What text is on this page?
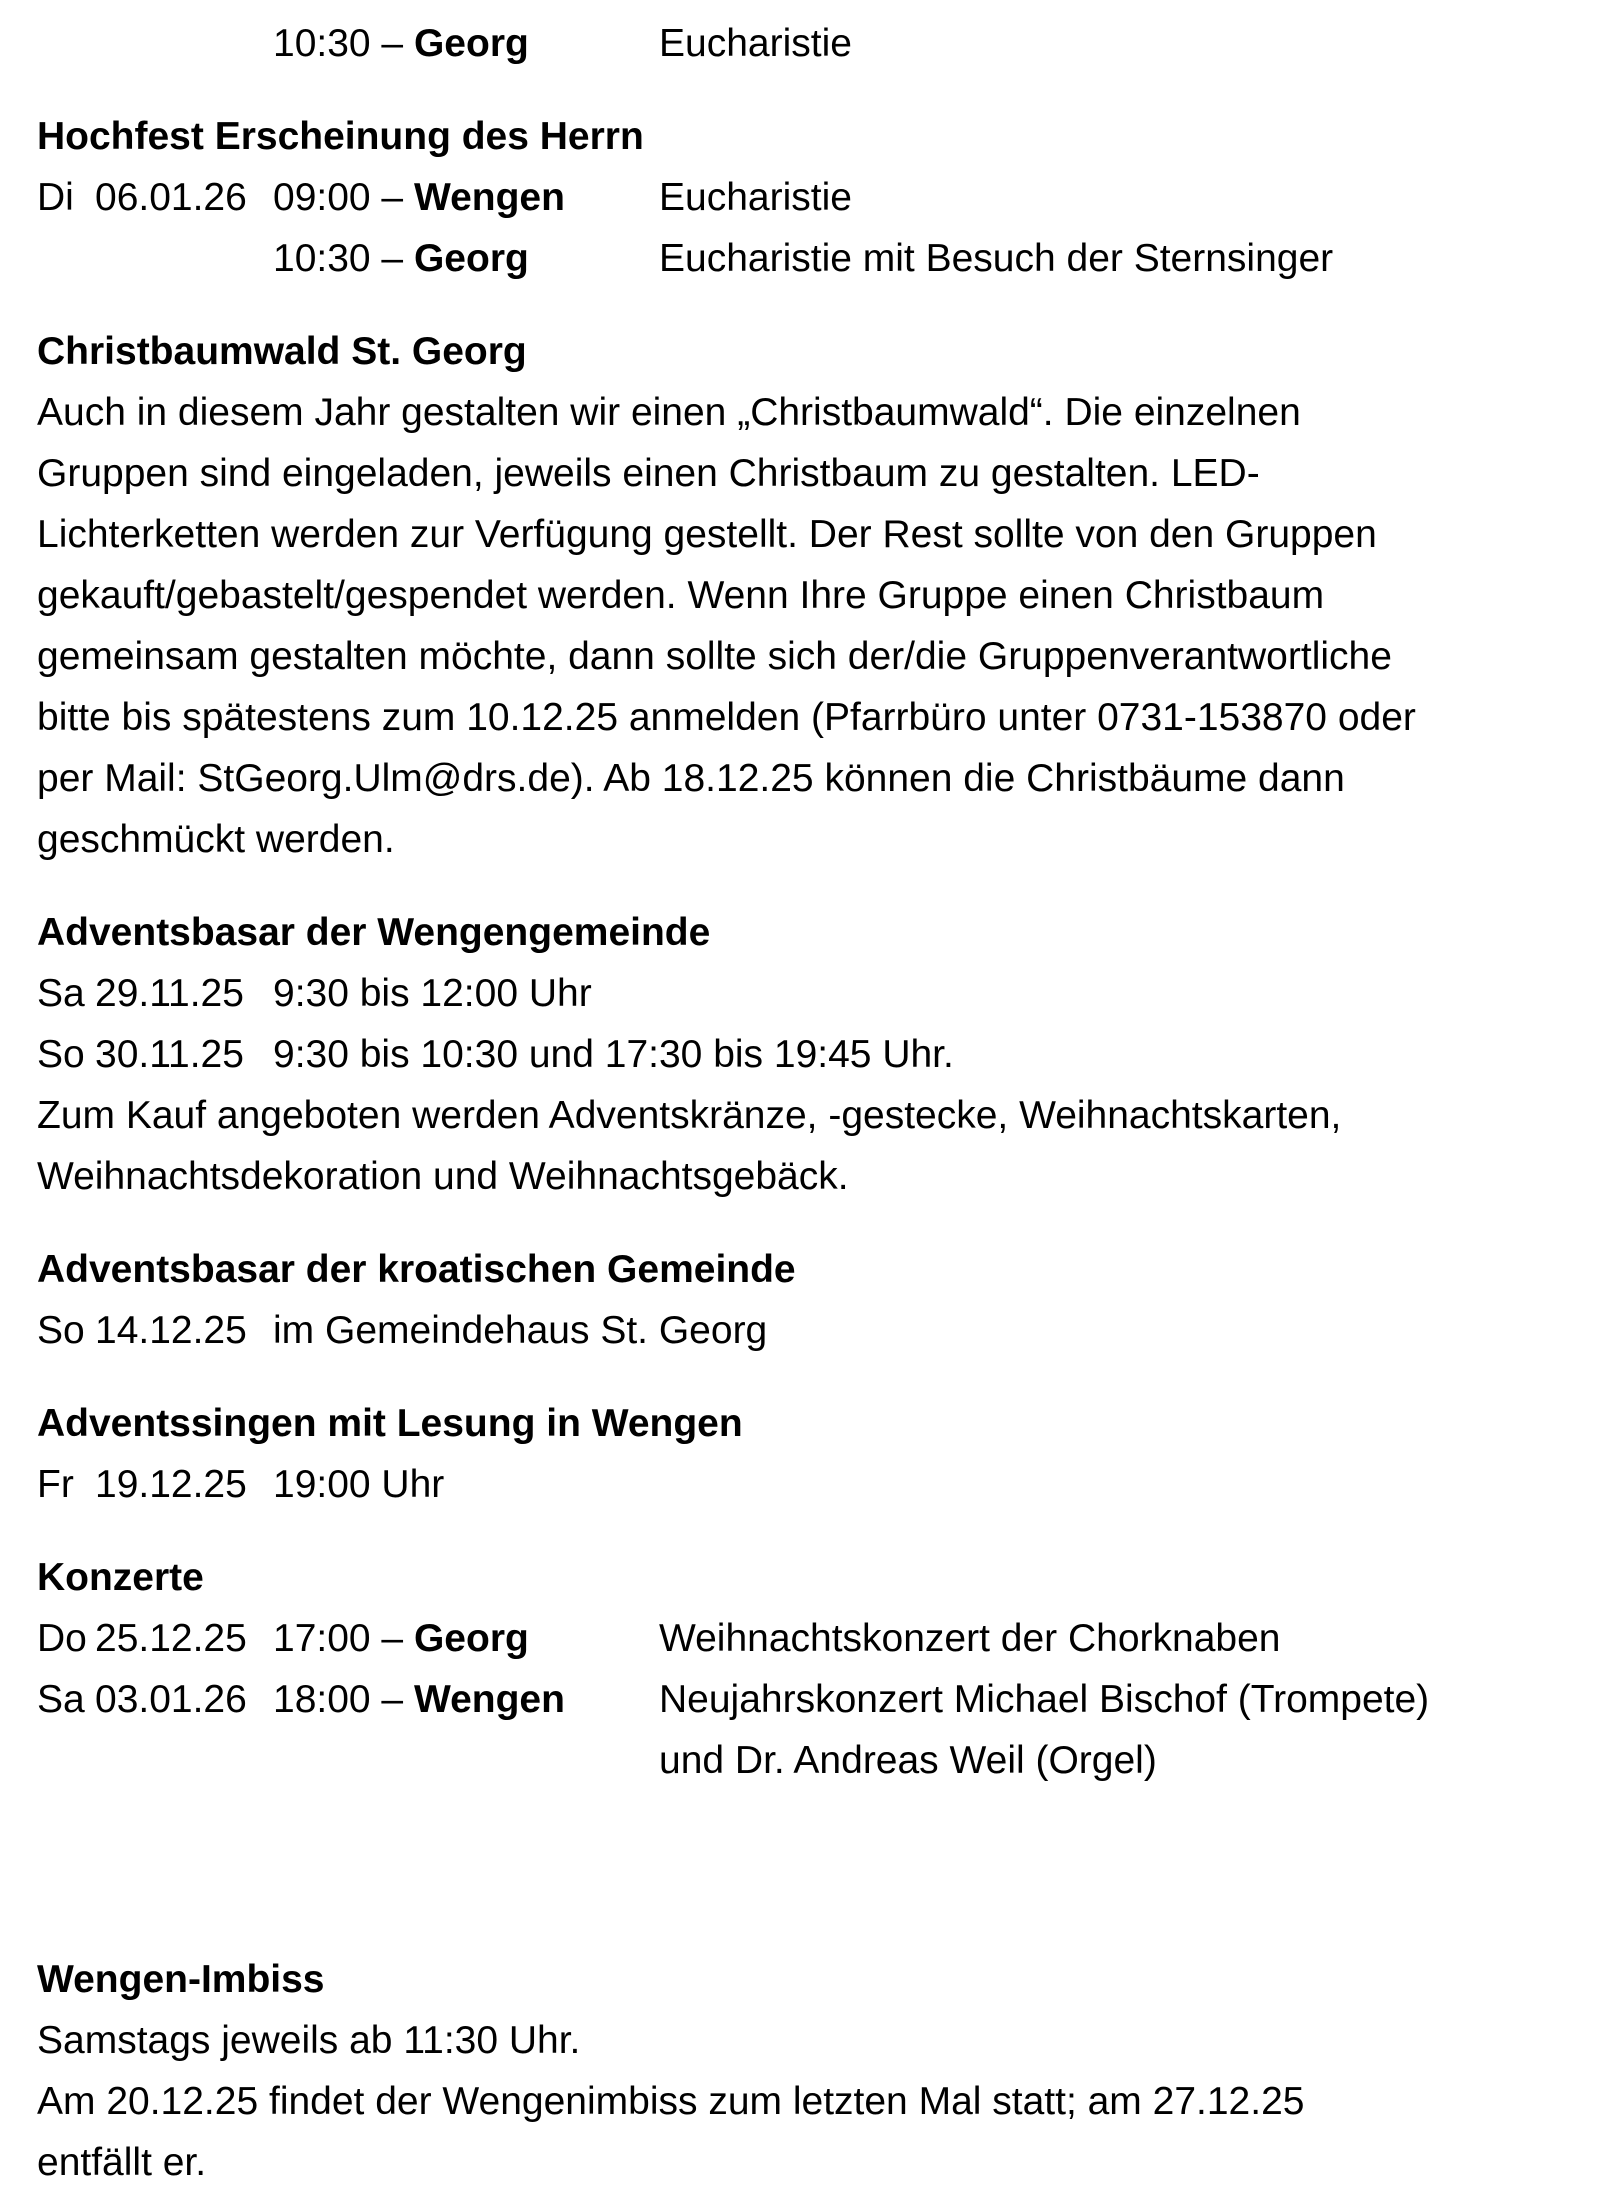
10:30 – Georg	Eucharistie
Hochfest Erscheinung des Herrn
Di 06.01.26 09:00 – Wengen Eucharistie
10:30 – Georg	Eucharistie mit Besuch der Sternsinger
Christbaumwald St. Georg
Auch in diesem Jahr gestalten wir einen „Christbaumwald“. Die einzelnen
Gruppen sind eingeladen, jeweils einen Christbaum zu gestalten. LED-
Lichterketten werden zur Verfügung gestellt. Der Rest sollte von den Gruppen
gekauft/gebastelt/gespendet werden. Wenn Ihre Gruppe einen Christbaum
gemeinsam gestalten möchte, dann sollte sich der/die Gruppenverantwortliche
bitte bis spätestens zum 10.12.25 anmelden (Pfarrbüro unter 0731-153870 oder
per Mail: StGeorg.Ulm@drs.de). Ab 18.12.25 können die Christbäume dann
geschmückt werden.
Adventsbasar der Wengengemeinde
Sa 29.11.25 9:30 bis 12:00 Uhr
So 30.11.25 9:30 bis 10:30 und 17:30 bis 19:45 Uhr.
Zum Kauf angeboten werden Adventskränze, -gestecke, Weihnachtskarten,
Weihnachtsdekoration und Weihnachtsgebäck.
Adventsbasar der kroatischen Gemeinde
So 14.12.25 im Gemeindehaus St. Georg
Adventssingen mit Lesung in Wengen
Fr 19.12.25 19:00 Uhr
Konzerte
Do 25.12.25 17:00 – Georg	Weihnachtskonzert der Chorknaben
Sa 03.01.26 18:00 – Wengen Neujahrskonzert Michael Bischof (Trompete)
und Dr. Andreas Weil (Orgel)
Wengen-Imbiss
Samstags jeweils ab 11:30 Uhr.
Am 20.12.25 findet der Wengenimbiss zum letzten Mal statt; am 27.12.25
entfällt er.
